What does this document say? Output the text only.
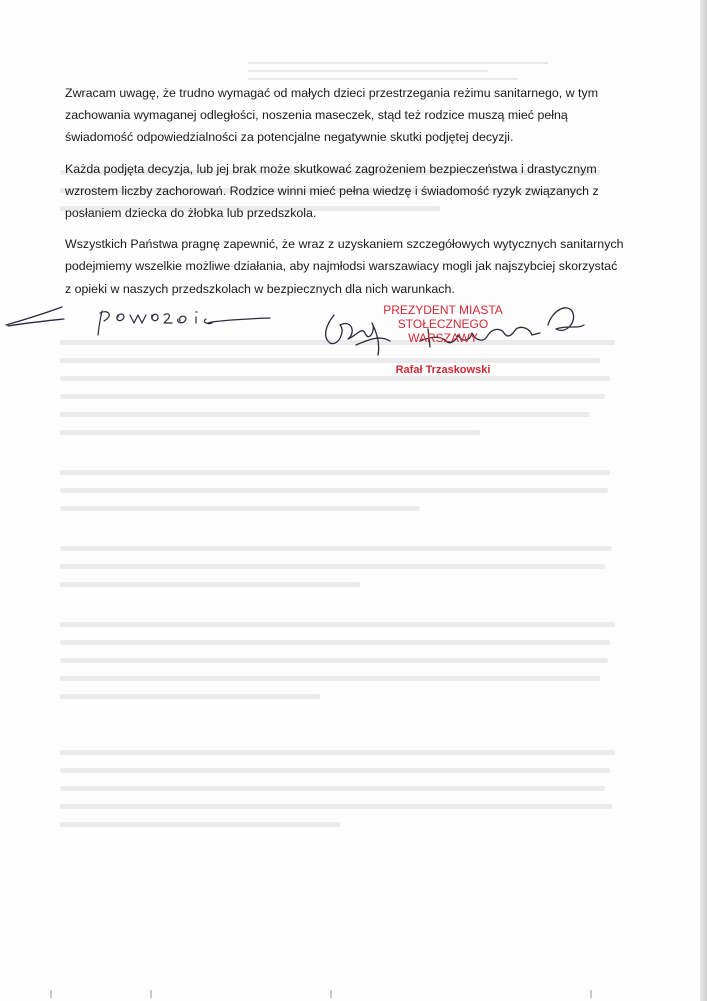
Zwracam uwagę, że trudno wymagać od małych dzieci przestrzegania reżimu sanitarnego, w tym zachowania wymaganej odległości, noszenia maseczek, stąd też rodzice muszą mieć pełną świadomość odpowiedzialności za potencjalne negatywnie skutki podjętej decyzji.

Każda podjęta decyzja, lub jej brak może skutkować zagrożeniem bezpieczeństwa i drastycznym wzrostem liczby zachorowań. Rodzice winni mieć pełna wiedzę i świadomość ryzyk związanych z posłaniem dziecka do żłobka lub przedszkola.

Wszystkich Państwa pragnę zapewnić, że wraz z uzyskaniem szczegółowych wytycznych sanitarnych podejmiemy wszelkie możliwe działania, aby najmłodsi warszawiacy mogli jak najszybciej skorzystać z opieki w naszych przedszkolach w bezpiecznych dla nich warunkach.

PREZYDENT MIASTA
STOŁECZNEGO WARSZAWY
Rafał Trzaskowski
